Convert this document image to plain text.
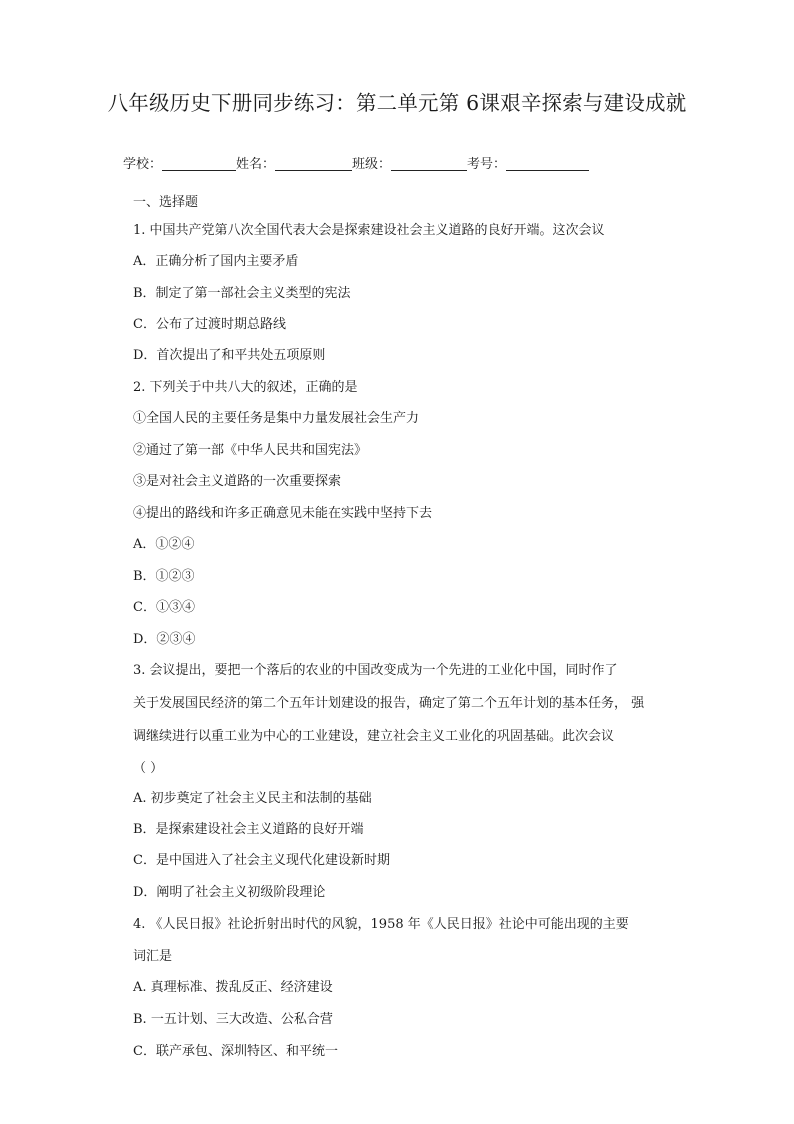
八年级历史下册同步练习：第二单元第 6课艰辛探索与建设成就
学校：	姓名：	班级：	考号：
一、选择题
1. 中国共产党第八次全国代表大会是探索建设社会主义道路的良好开端。这次会议
A．正确分析了国内主要矛盾
B．制定了第一部社会主义类型的宪法
C．公布了过渡时期总路线
D．首次提出了和平共处五项原则
2. 下列关于中共八大的叙述，正确的是
①全国人民的主要任务是集中力量发展社会生产力
②通过了第一部《中华人民共和国宪法》
③是对社会主义道路的一次重要探索
④提出的路线和许多正确意见未能在实践中坚持下去
A．①②④
B．①②③
C．①③④
D．②③④
3. 会议提出，要把一个落后的农业的中国改变成为一个先进的工业化中国，同时作了
关于发展国民经济的第二个五年计划建设的报告，确定了第二个五年计划的基本任务， 强
调继续进行以重工业为中心的工业建设，建立社会主义工业化的巩固基础。此次会议
（ ）
A. 初步奠定了社会主义民主和法制的基础
B．是探索建设社会主义道路的良好开端
C．是中国进入了社会主义现代化建设新时期
D．阐明了社会主义初级阶段理论
4. 《人民日报》社论折射出时代的风貌，1958 年《人民日报》社论中可能出现的主要
词汇是
A. 真理标准、拨乱反正、经济建设
B. 一五计划、三大改造、公私合营
C．联产承包、深圳特区、和平统一
